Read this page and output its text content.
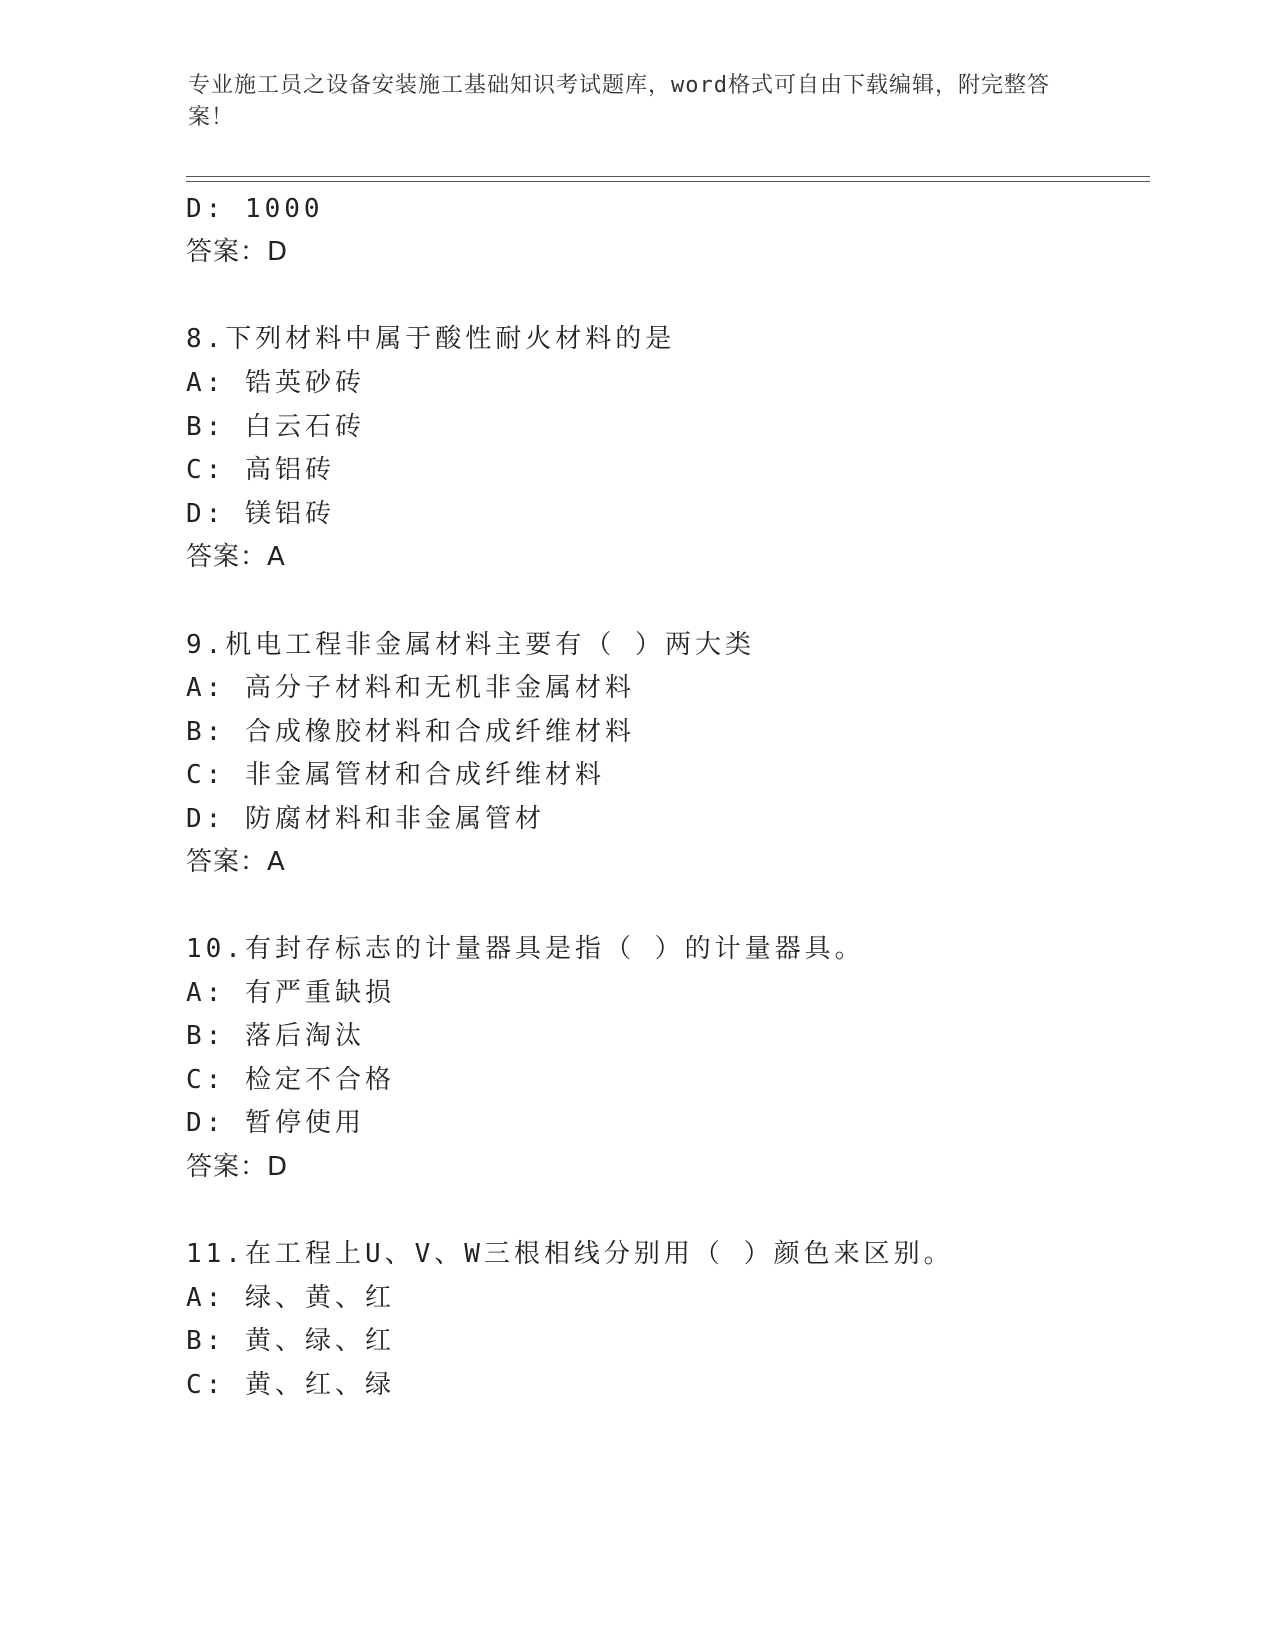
专业施工员之设备安装施工基础知识考试题库，word格式可自由下载编辑，附完整答案！
D: 1000
答案：D
8.下列材料中属于酸性耐火材料的是
A: 锆英砂砖
B: 白云石砖
C: 高铝砖
D: 镁铝砖
答案：A
9.机电工程非金属材料主要有（ ）两大类
A: 高分子材料和无机非金属材料
B: 合成橡胶材料和合成纤维材料
C: 非金属管材和合成纤维材料
D: 防腐材料和非金属管材
答案：A
10.有封存标志的计量器具是指（ ）的计量器具。
A: 有严重缺损
B: 落后淘汰
C: 检定不合格
D: 暂停使用
答案：D
11.在工程上U、V、W三根相线分别用（ ）颜色来区别。
A: 绿、黄、红
B: 黄、绿、红
C: 黄、红、绿
